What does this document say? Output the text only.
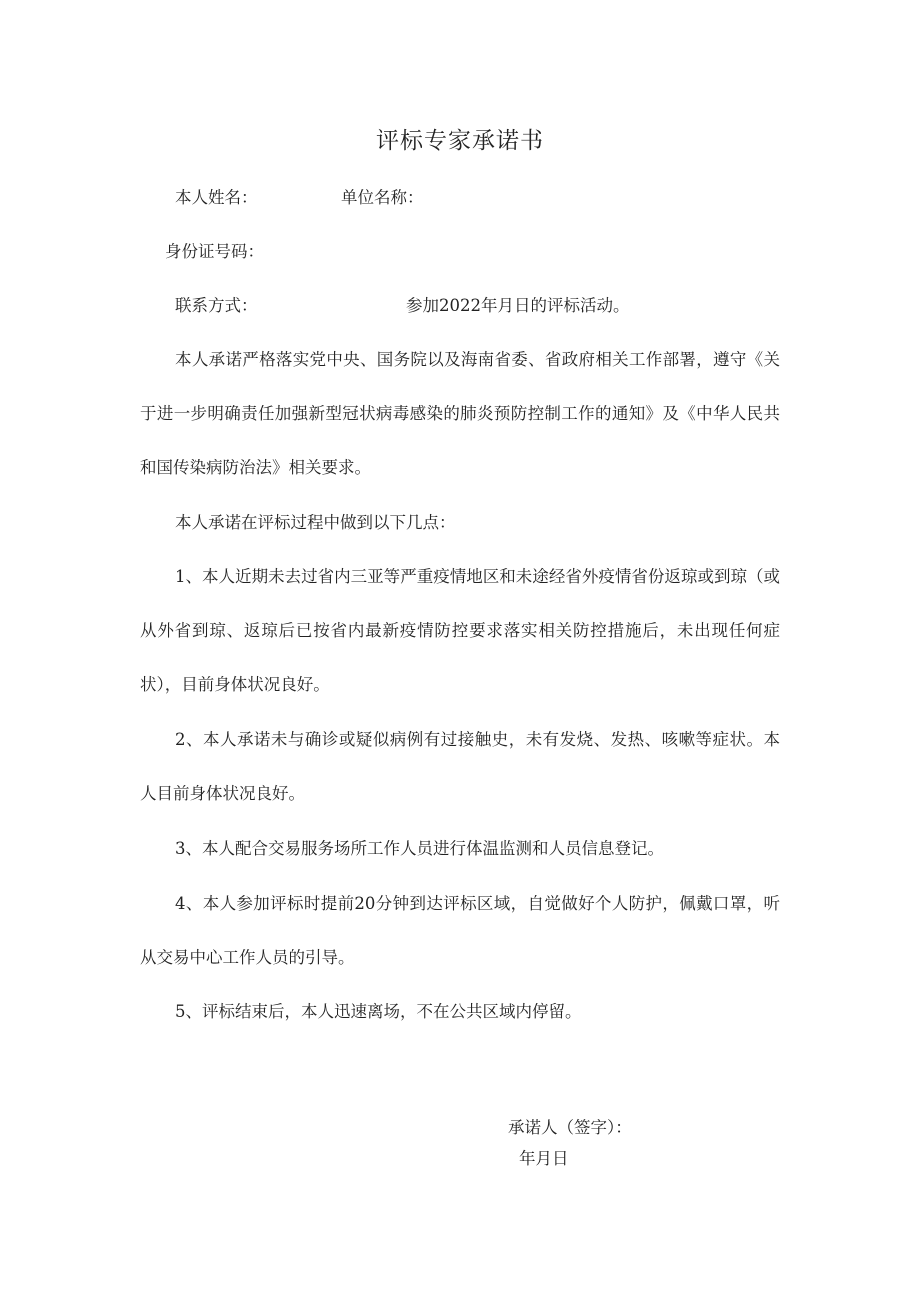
评标专家承诺书
本人姓名：	单位名称：
身份证号码：
联系方式：	参加2022年月日的评标活动。
本人承诺严格落实党中央、国务院以及海南省委、省政府相关工作部署，遵守《关
于进一步明确责任加强新型冠状病毒感染的肺炎预防控制工作的通知》及《中华人民共
和国传染病防治法》相关要求。
本人承诺在评标过程中做到以下几点：
1、本人近期未去过省内三亚等严重疫情地区和未途经省外疫情省份返琼或到琼（或
从外省到琼、返琼后已按省内最新疫情防控要求落实相关防控措施后，未出现任何症
状），目前身体状况良好。
2、本人承诺未与确诊或疑似病例有过接触史，未有发烧、发热、咳嗽等症状。本
人目前身体状况良好。
3、本人配合交易服务场所工作人员进行体温监测和人员信息登记。
4、本人参加评标时提前20分钟到达评标区域，自觉做好个人防护，佩戴口罩，听
从交易中心工作人员的引导。
5、评标结束后，本人迅速离场，不在公共区域内停留。
承诺人（签字）：
年月日
